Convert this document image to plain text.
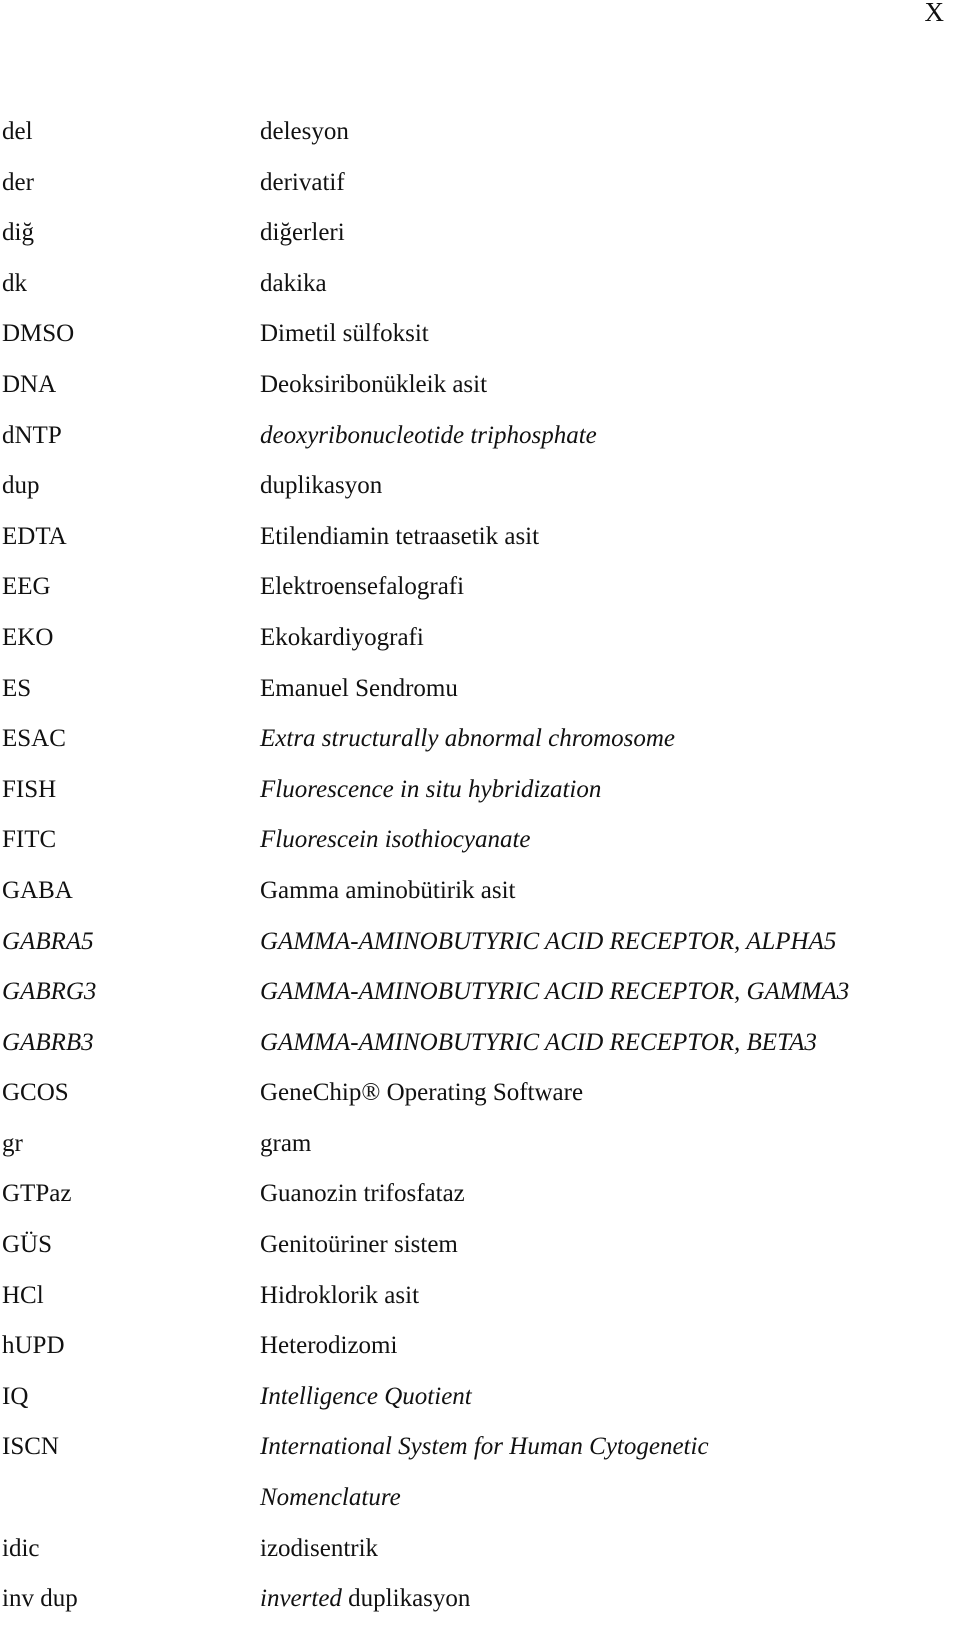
X
del	delesyon
der	derivatif
diğ	diğerleri
dk	dakika
DMSO	Dimetil sülfoksit
DNA	Deoksiribonükleik asit
dNTP	deoxyribonucleotide triphosphate
dup	duplikasyon
EDTA	Etilendiamin tetraasetik asit
EEG	Elektroensefalografi
EKO	Ekokardiyografi
ES	Emanuel Sendromu
ESAC	Extra structurally abnormal chromosome
FISH	Fluorescence in situ hybridization
FITC	Fluorescein isothiocyanate
GABA	Gamma aminobütirik asit
GABRA5	GAMMA-AMINOBUTYRIC ACID RECEPTOR, ALPHA5
GABRG3	GAMMA-AMINOBUTYRIC ACID RECEPTOR, GAMMA3
GABRB3	GAMMA-AMINOBUTYRIC ACID RECEPTOR, BETA3
GCOS	GeneChip® Operating Software
gr	gram
GTPaz	Guanozin trifosfataz
GÜS	Genitoüriner sistem
HCl	Hidroklorik asit
hUPD	Heterodizomi
IQ	Intelligence Quotient
ISCN	International System for Human Cytogenetic
Nomenclature
idic	izodisentrik
inv dup	inverted duplikasyon
